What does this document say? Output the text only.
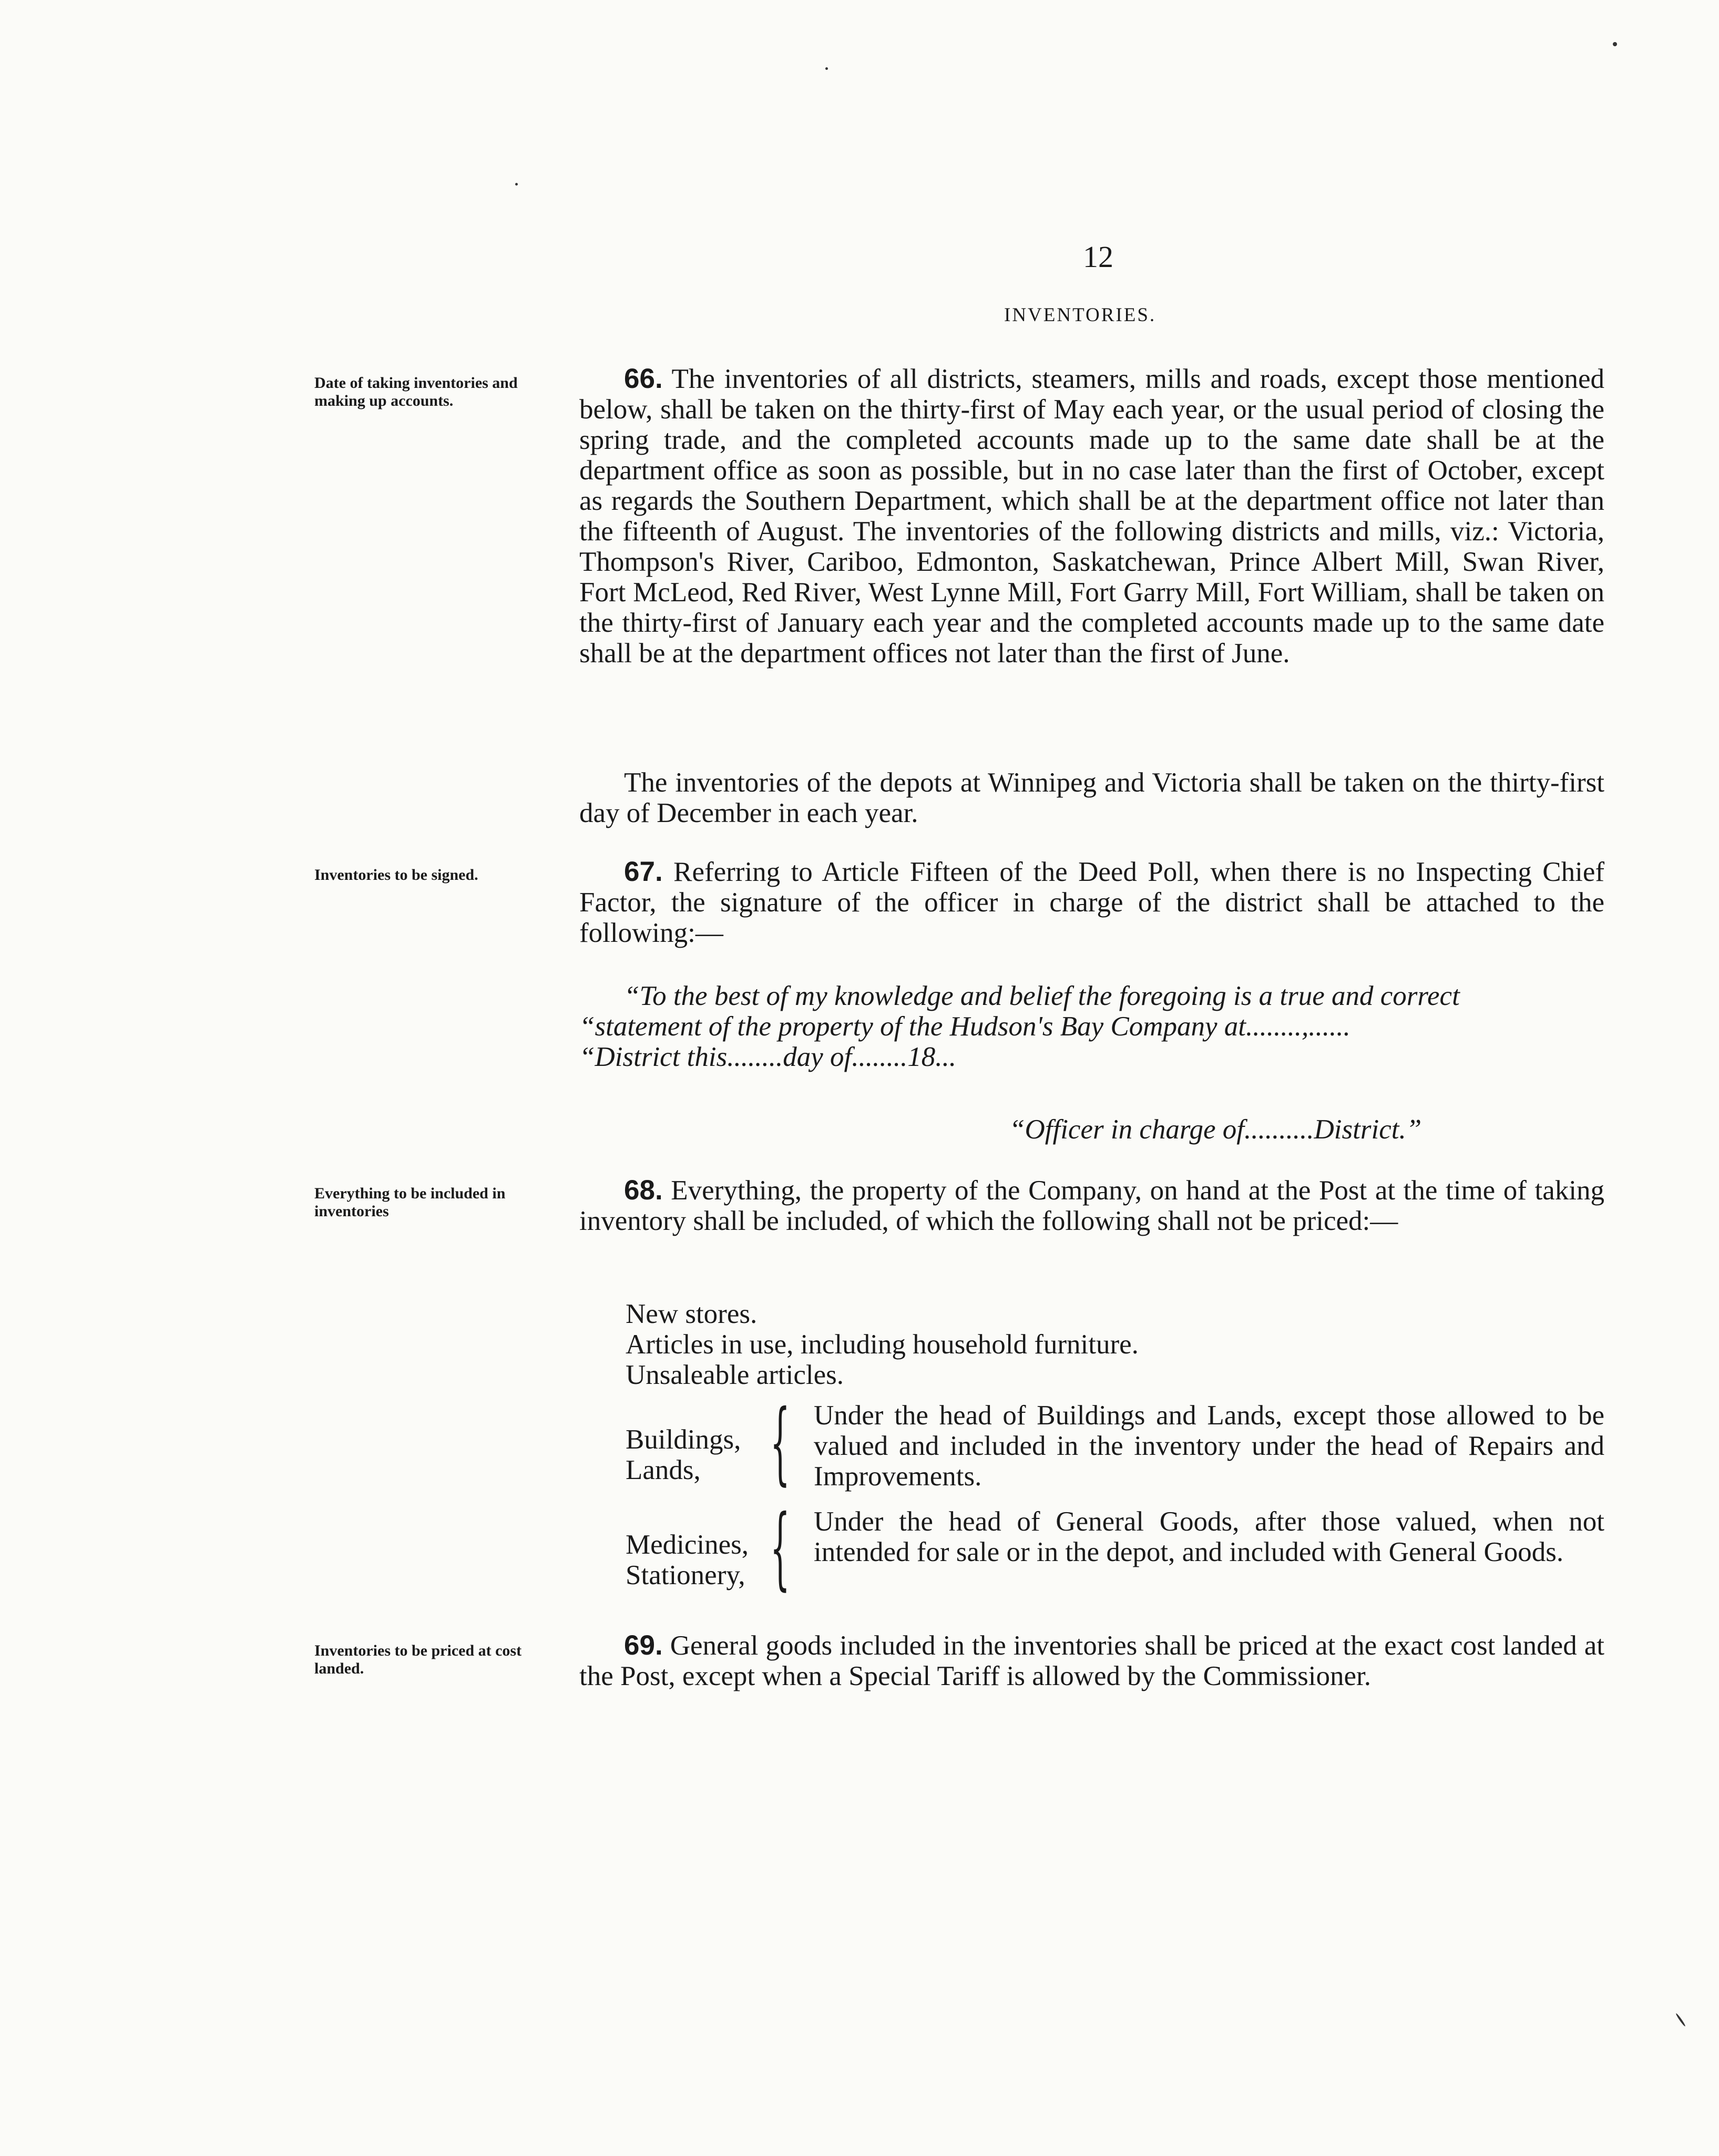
12
INVENTORIES.
Date of taking inventories and making up accounts.

66. The inventories of all districts, steamers, mills and roads, except those mentioned below, shall be taken on the thirty-first of May each year, or the usual period of closing the spring trade, and the completed accounts made up to the same date shall be at the department office as soon as possible, but in no case later than the first of October, except as regards the Southern Department, which shall be at the department office not later than the fifteenth of August. The inventories of the following districts and mills, viz.: Victoria, Thompson's River, Cariboo, Edmonton, Saskatchewan, Prince Albert Mill, Swan River, Fort McLeod, Red River, West Lynne Mill, Fort Garry Mill, Fort William, shall be taken on the thirty-first of January each year and the completed accounts made up to the same date shall be at the department offices not later than the first of June.

The inventories of the depots at Winnipeg and Victoria shall be taken on the thirty-first day of December in each year.

Inventories to be signed.	67. Referring to Article Fifteen of the Deed Poll, when there is no Inspecting Chief Factor, the signature of the officer in charge of the district shall be attached to the following:—

“To the best of my knowledge and belief the foregoing is a true and correct
“statement of the property of the Hudson's Bay Company at........,......
“District this........day of........18...
“Officer in charge of..........District.”
Everything to be included in inventories

68. Everything, the property of the Company, on hand at the Post at the time of taking inventory shall be included, of which the following shall not be priced:—

New stores.
Articles in use, including household furniture.
Unsaleable articles.
Buildings,
Lands, { Under the head of Buildings and Lands, except those allowed to be valued and included in the inventory under the head of Repairs and Improvements.
Medicines,
Stationery, { Under the head of General Goods, after those valued, when not intended for sale or in the depot, and included with General Goods.
Inventories to be priced at cost landed.

69. General goods included in the inventories shall be priced at the exact cost landed at the Post, except when a Special Tariff is allowed by the Commissioner.
